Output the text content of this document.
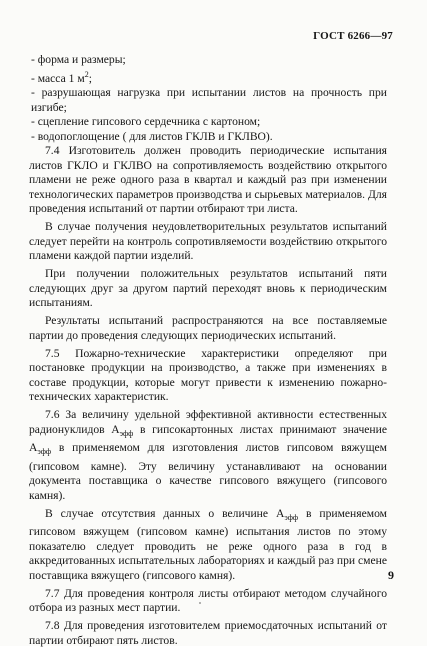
ГОСТ 6266—97

- форма и размеры;

- масса 1 $м^2$;

- разрушающая нагрузка при испытании листов на прочность при изгибе;

- сцепление гипсового сердечника с картоном;

- водопоглощение ( для листов ГКЛВ и ГКЛВО).

7.4 Изготовитель должен проводить периодические испытания листов ГКЛО и ГКЛВО на сопротивляемость воздействию открытого пламени не реже одного раза в квартал и каждый раз при изменении технологических параметров производства и сырьевых материалов. Для проведения испытаний от партии отбирают три листа.

В случае получения неудовлетворительных результатов испытаний следует перейти на контроль сопротивляемости воздействию открытого пламени каждой партии изделий.

При получении положительных результатов испытаний пяти следующих друг за другом партий переходят вновь к периодическим испытаниям.

Результаты испытаний распространяются на все поставляемые партии до проведения следующих периодических испытаний.

7.5 Пожарно-технические характеристики определяют при постановке продукции на производство, а также при изменениях в составе продукции, которые могут привести к изменению пожарно-технических характеристик.

7.6 За величину удельной эффективной активности естественных радионуклидов $А_{эфф}$ в гипсокартонных листах принимают значение $А_{эфф}$ в применяемом для изготовления листов гипсовом вяжущем (гипсовом камне). Эту величину устанавливают на основании документа поставщика о качестве гипсового вяжущего (гипсового камня).

В случае отсутствия данных о величине $А_{эфф}$ в применяемом гипсовом вяжущем (гипсовом камне) испытания листов по этому показателю следует проводить не реже одного раза в год в аккредитованных испытательных лабораториях и каждый раз при смене поставщика вяжущего (гипсового камня).

7.7 Для проведения контроля листы отбирают методом случайного отбора из разных мест партии.

7.8 Для проведения изготовителем приемосдаточных испытаний от партии отбирают пять листов.

9
